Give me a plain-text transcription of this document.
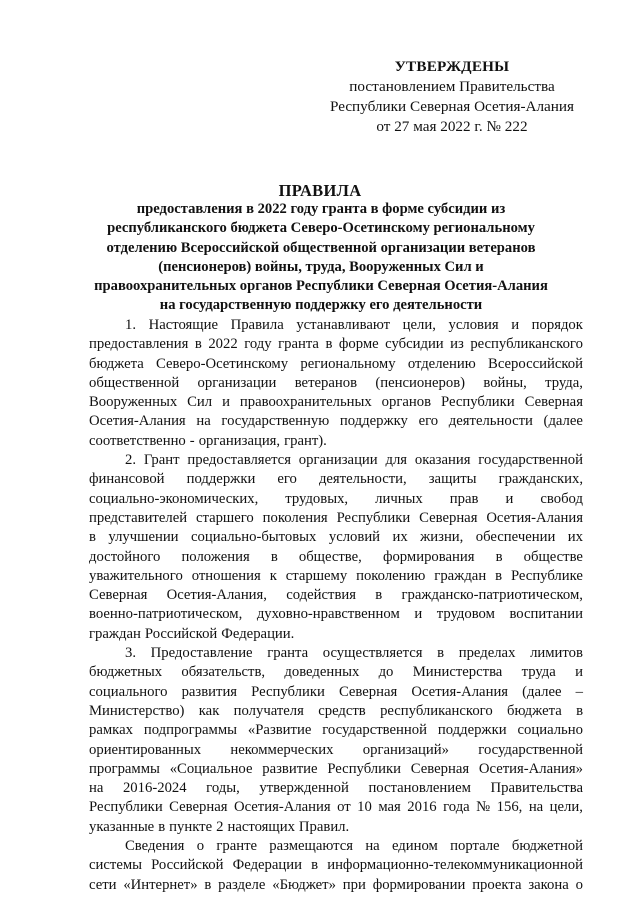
УТВЕРЖДЕНЫ
постановлением Правительства
Республики Северная Осетия-Алания
от 27 мая 2022 г. № 222
ПРАВИЛА
предоставления в 2022 году гранта в форме субсидии из
республиканского бюджета Северо-Осетинскому региональному
отделению Всероссийской общественной организации ветеранов
(пенсионеров) войны, труда, Вооруженных Сил и
правоохранительных органов Республики Северная Осетия-Алания
на государственную поддержку его деятельности
1. Настоящие Правила устанавливают цели, условия и порядок
предоставления в 2022 году гранта в форме субсидии из республиканского
бюджета Северо-Осетинскому региональному отделению Всероссийской
общественной организации ветеранов (пенсионеров) войны, труда,
Вооруженных Сил и правоохранительных органов Республики Северная
Осетия-Алания на государственную поддержку его деятельности (далее
соответственно - организация, грант).
2. Грант предоставляется организации для оказания государственной
финансовой поддержки его деятельности, защиты гражданских,
социально-экономических, трудовых, личных прав и свобод
представителей старшего поколения Республики Северная Осетия-Алания
в улучшении социально-бытовых условий их жизни, обеспечении их
достойного положения в обществе, формирования в обществе
уважительного отношения к старшему поколению граждан в Республике
Северная Осетия-Алания, содействия в гражданско-патриотическом,
военно-патриотическом, духовно-нравственном и трудовом воспитании
граждан Российской Федерации.
3. Предоставление гранта осуществляется в пределах лимитов
бюджетных обязательств, доведенных до Министерства труда и
социального развития Республики Северная Осетия-Алания (далее –
Министерство) как получателя средств республиканского бюджета в
рамках подпрограммы «Развитие государственной поддержки социально
ориентированных некоммерческих организаций» государственной
программы «Социальное развитие Республики Северная Осетия-Алания»
на 2016-2024 годы, утвержденной постановлением Правительства
Республики Северная Осетия-Алания от 10 мая 2016 года № 156, на цели,
указанные в пункте 2 настоящих Правил.
Сведения о гранте размещаются на едином портале бюджетной
системы Российской Федерации в информационно-телекоммуникационной
сети «Интернет» в разделе «Бюджет» при формировании проекта закона о
